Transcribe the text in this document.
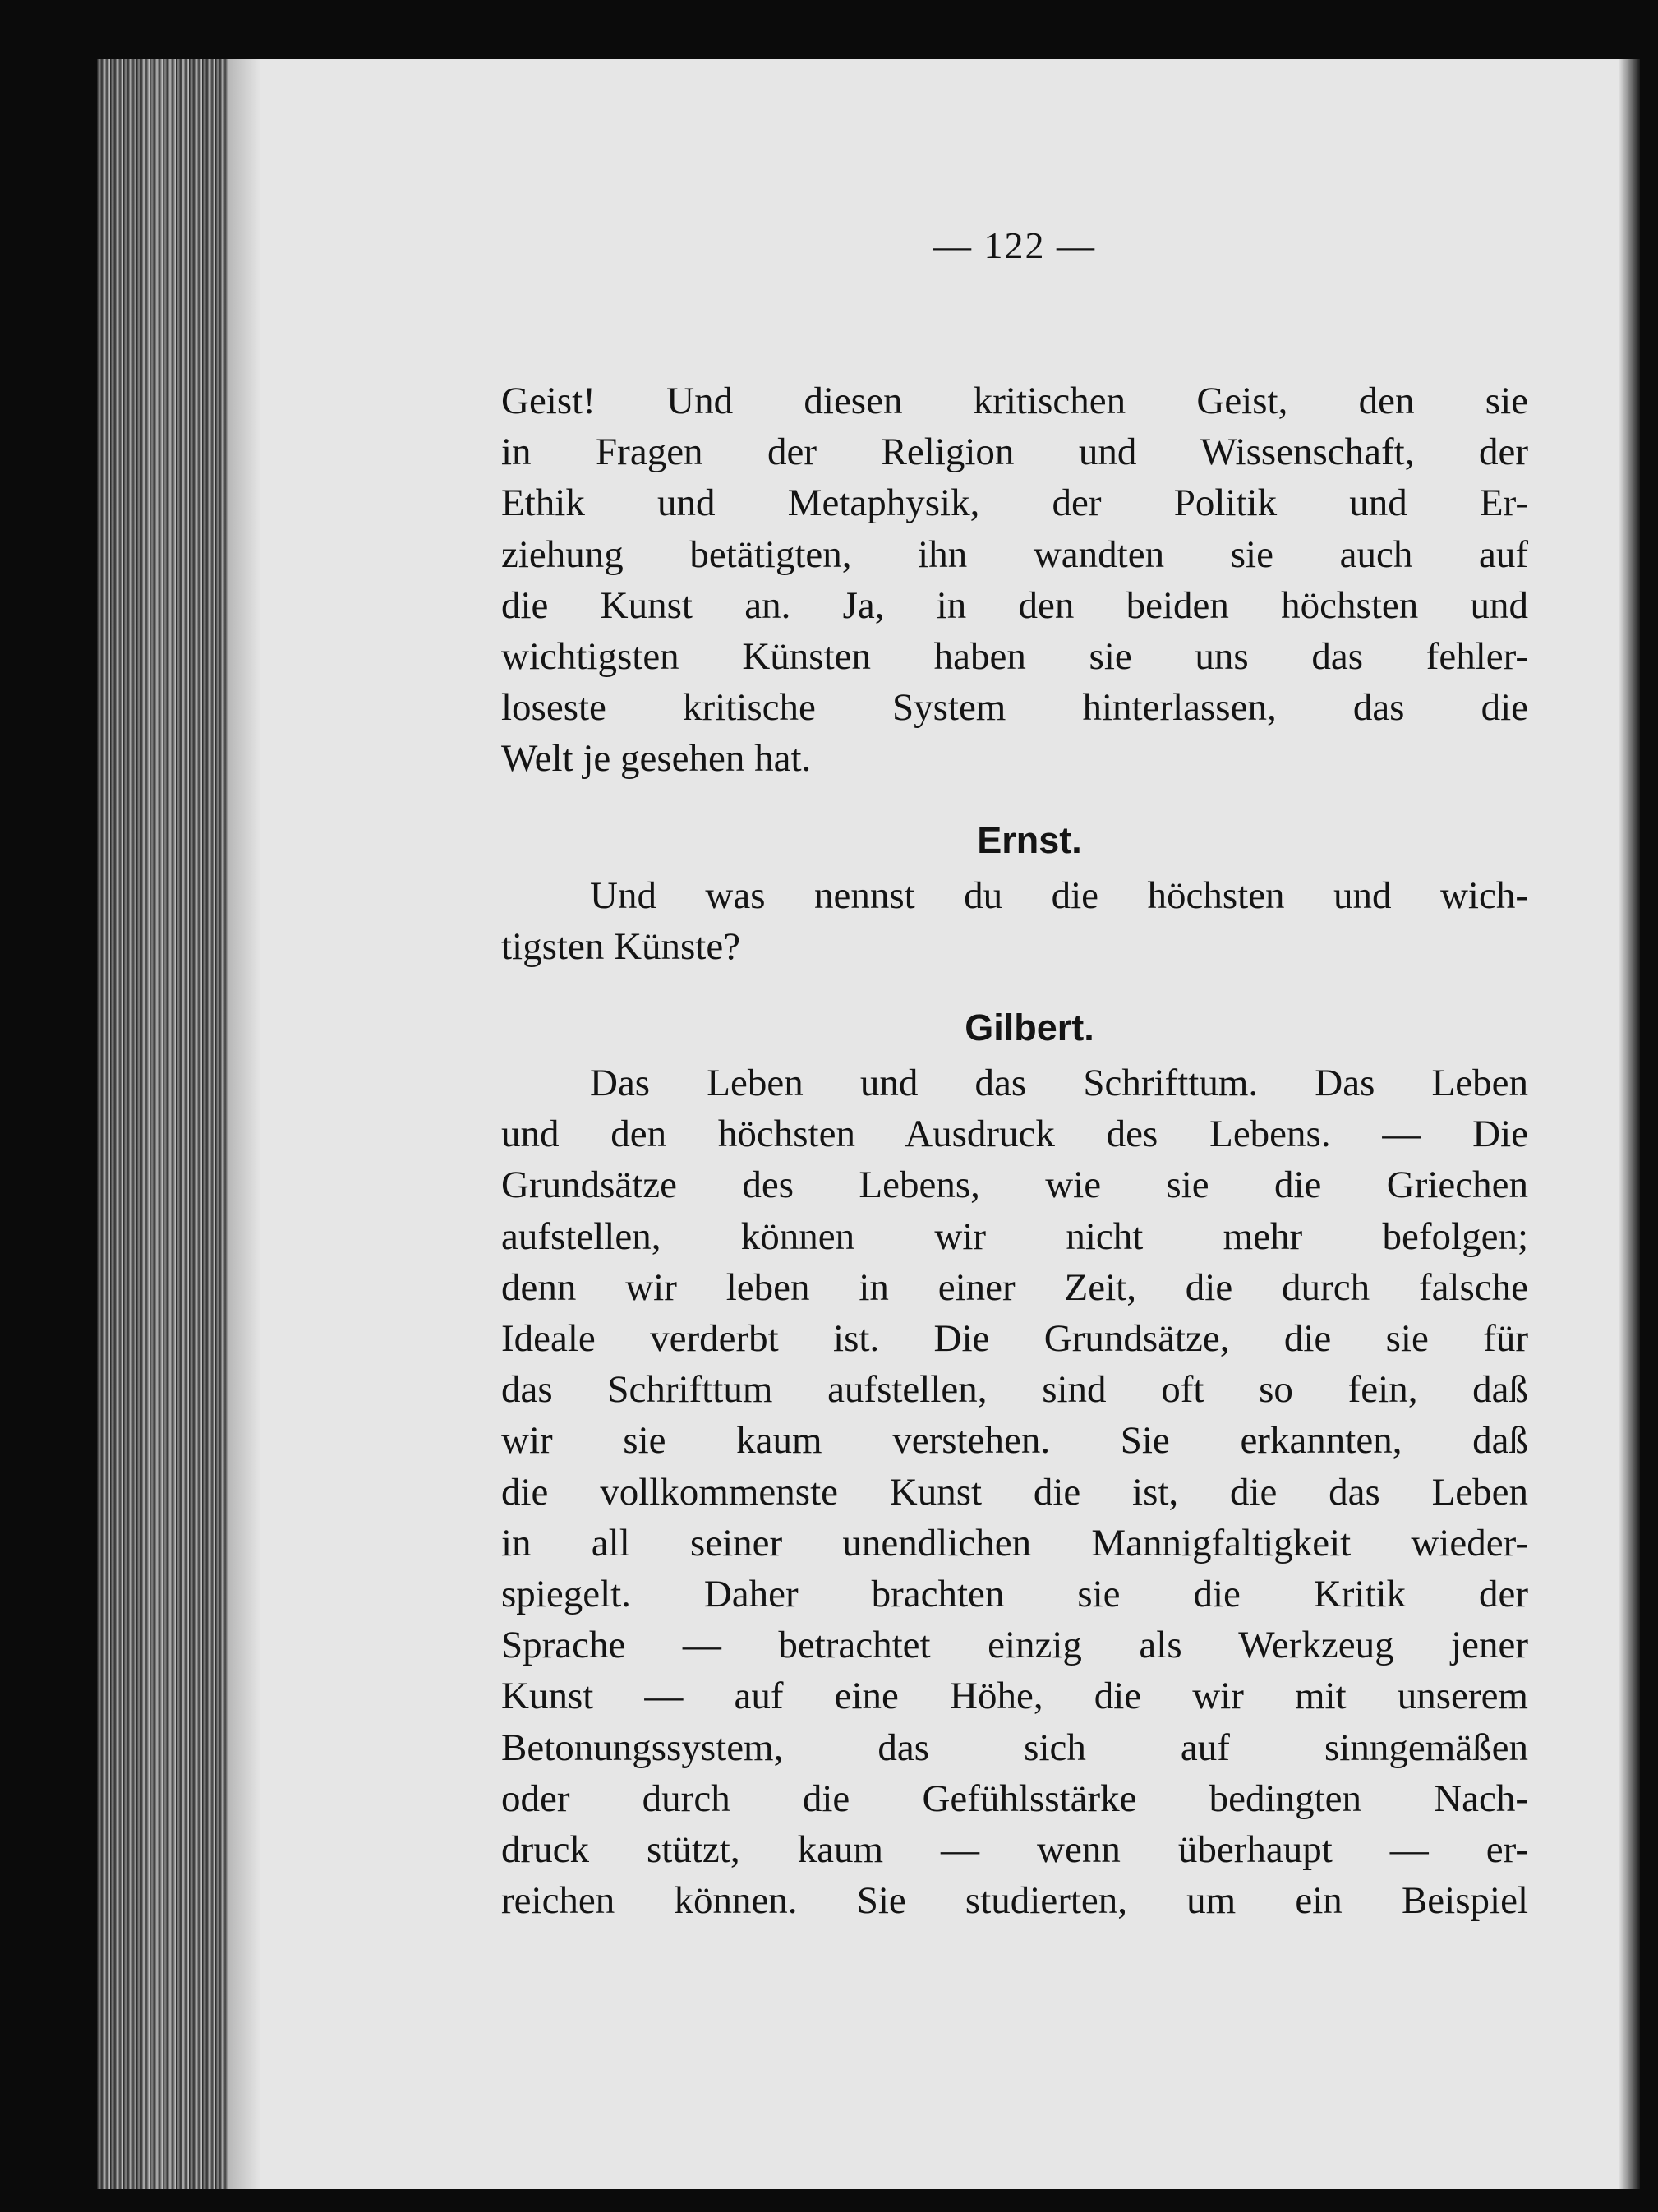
— 122 —
Geist! Und diesen kritischen Geist, den sie
in Fragen der Religion und Wissenschaft, der
Ethik und Metaphysik, der Politik und Er-
ziehung betätigten, ihn wandten sie auch auf
die Kunst an. Ja, in den beiden höchsten und
wichtigsten Künsten haben sie uns das fehler-
loseste kritische System hinterlassen, das die
Welt je gesehen hat.
Ernst.
Und was nennst du die höchsten und wich-
tigsten Künste?
Gilbert.
Das Leben und das Schrifttum. Das Leben
und den höchsten Ausdruck des Lebens. — Die
Grundsätze des Lebens, wie sie die Griechen
aufstellen, können wir nicht mehr befolgen;
denn wir leben in einer Zeit, die durch falsche
Ideale verderbt ist. Die Grundsätze, die sie für
das Schrifttum aufstellen, sind oft so fein, daß
wir sie kaum verstehen. Sie erkannten, daß
die vollkommenste Kunst die ist, die das Leben
in all seiner unendlichen Mannigfaltigkeit wieder-
spiegelt. Daher brachten sie die Kritik der
Sprache — betrachtet einzig als Werkzeug jener
Kunst — auf eine Höhe, die wir mit unserem
Betonungssystem, das sich auf sinngemäßen
oder durch die Gefühlsstärke bedingten Nach-
druck stützt, kaum — wenn überhaupt — er-
reichen können. Sie studierten, um ein Beispiel
